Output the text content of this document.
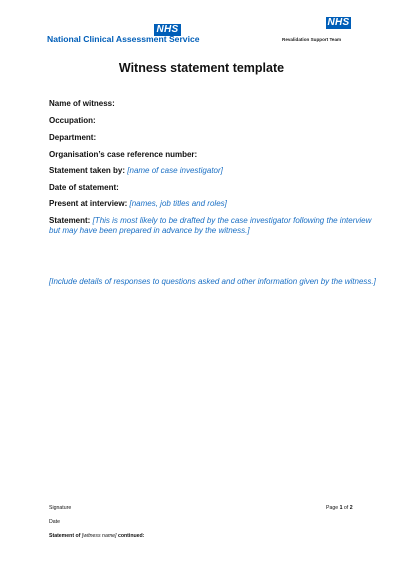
NHS
National Clinical Assessment Service
NHS
Revalidation Support Team
Witness statement template
Name of witness:
Occupation:
Department:
Organisation’s case reference number:
Statement taken by: [name of case investigator]
Date of statement:
Present at interview: [names, job titles and roles]
Statement: [This is most likely to be drafted by the case investigator following the interview
but may have been prepared in advance by the witness.]
[Include details of responses to questions asked and other information given by the witness.]
Signature
Date
Statement of [witness name] continued:
Page 1 of 2
